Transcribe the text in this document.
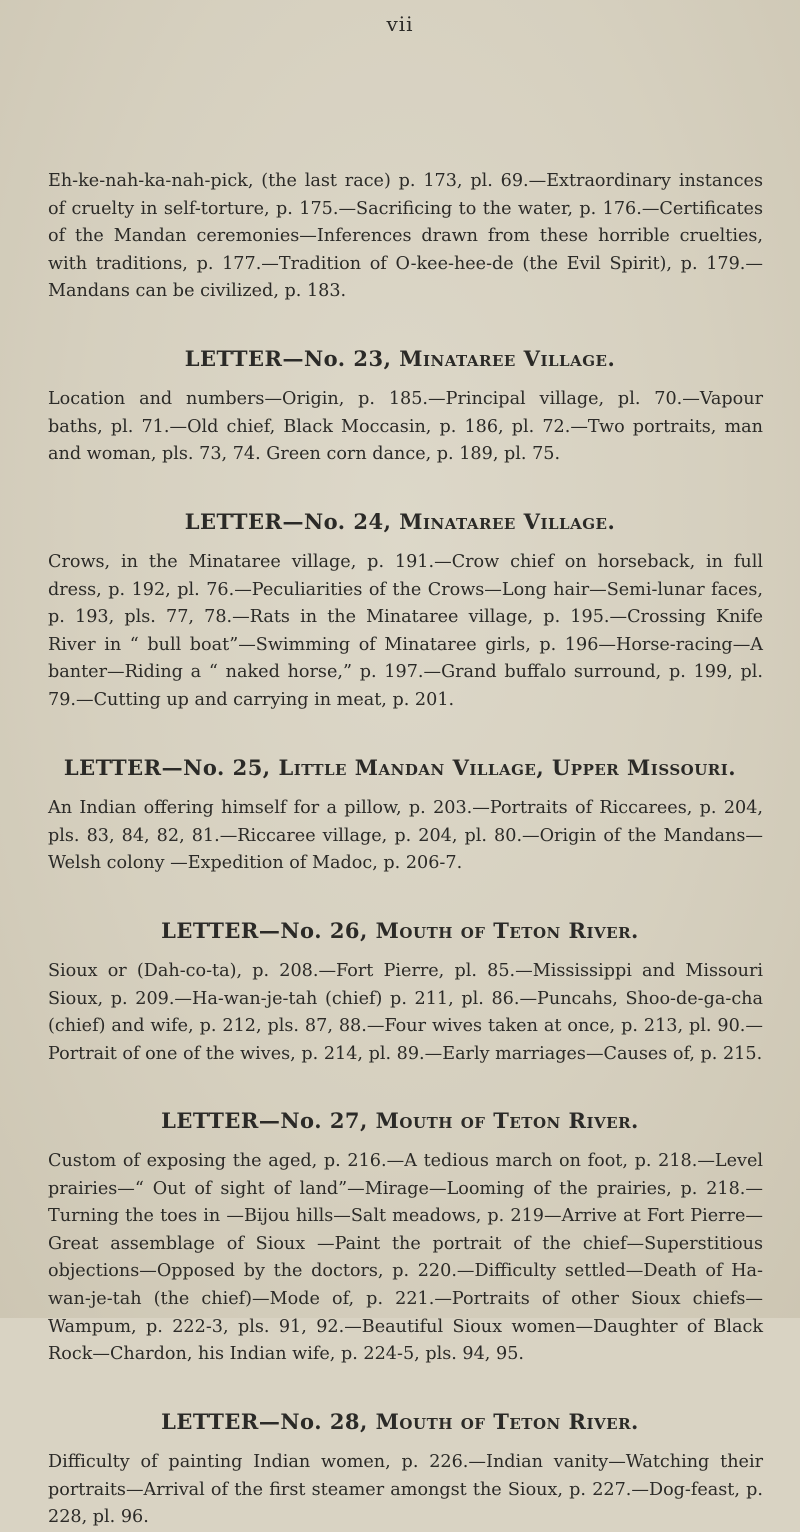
vii

Eh-ke-nah-ka-nah-pick, (the last race) p. 173, pl. 69.—Extraordinary instances of cruelty in self-torture, p. 175.—Sacrificing to the water, p. 176.—Certificates of the Mandan ceremonies—Inferences drawn from these horrible cruelties, with traditions, p. 177.—Tradition of O-kee-hee-de (the Evil Spirit), p. 179.—Mandans can be civilized, p. 183.

LETTER—No. 23, Minataree Village.

Location and numbers—Origin, p. 185.—Principal village, pl. 70.—Vapour baths, pl. 71.—Old chief, Black Moccasin, p. 186, pl. 72.—Two portraits, man and woman, pls. 73, 74. Green corn dance, p. 189, pl. 75.

LETTER—No. 24, Minataree Village.

Crows, in the Minataree village, p. 191.—Crow chief on horseback, in full dress, p. 192, pl. 76.—Peculiarities of the Crows—Long hair—Semi-lunar faces, p. 193, pls. 77, 78.—Rats in the Minataree village, p. 195.—Crossing Knife River in “ bull boat”—Swimming of Minataree girls, p. 196—Horse-racing—A banter—Riding a “ naked horse,” p. 197.—Grand buffalo surround, p. 199, pl. 79.—Cutting up and carrying in meat, p. 201.

LETTER—No. 25, Little Mandan Village, Upper Missouri.

An Indian offering himself for a pillow, p. 203.—Portraits of Riccarees, p. 204, pls. 83, 84, 82, 81.—Riccaree village, p. 204, pl. 80.—Origin of the Mandans—Welsh colony —Expedition of Madoc, p. 206-7.

LETTER—No. 26, Mouth of Teton River.

Sioux or (Dah-co-ta), p. 208.—Fort Pierre, pl. 85.—Mississippi and Missouri Sioux, p. 209.—Ha-wan-je-tah (chief) p. 211, pl. 86.—Puncahs, Shoo-de-ga-cha (chief) and wife, p. 212, pls. 87, 88.—Four wives taken at once, p. 213, pl. 90.—Portrait of one of the wives, p. 214, pl. 89.—Early marriages—Causes of, p. 215.

LETTER—No. 27, Mouth of Teton River.

Custom of exposing the aged, p. 216.—A tedious march on foot, p. 218.—Level prairies—“ Out of sight of land”—Mirage—Looming of the prairies, p. 218.—Turning the toes in —Bijou hills—Salt meadows, p. 219—Arrive at Fort Pierre—Great assemblage of Sioux —Paint the portrait of the chief—Superstitious objections—Opposed by the doctors, p. 220.—Difficulty settled—Death of Ha-wan-je-tah (the chief)—Mode of, p. 221.—Portraits of other Sioux chiefs—Wampum, p. 222-3, pls. 91, 92.—Beautiful Sioux women—Daughter of Black Rock—Chardon, his Indian wife, p. 224-5, pls. 94, 95.

LETTER—No. 28, Mouth of Teton River.

Difficulty of painting Indian women, p. 226.—Indian vanity—Watching their portraits—Arrival of the first steamer amongst the Sioux, p. 227.—Dog-feast, p. 228, pl. 96.
